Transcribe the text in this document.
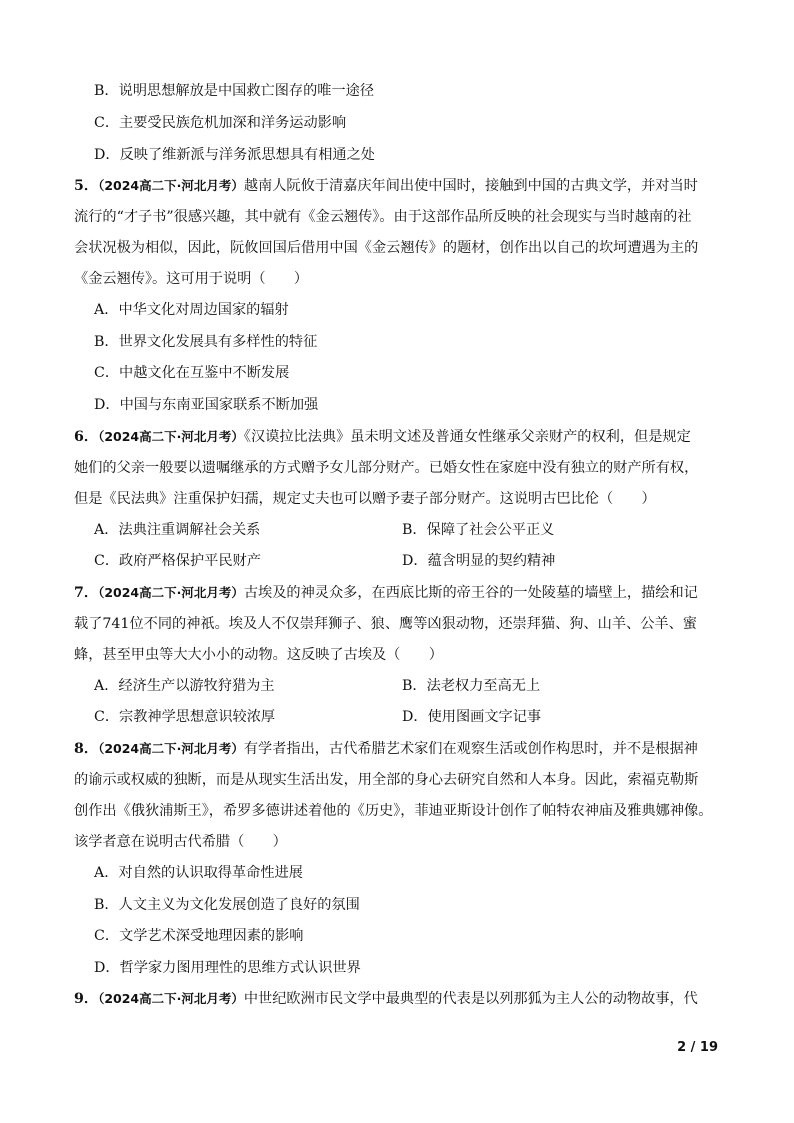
B．说明思想解放是中国救亡图存的唯一途径
C．主要受民族危机加深和洋务运动影响
D．反映了维新派与洋务派思想具有相通之处
5．（2024高二下·河北月考）越南人阮攸于清嘉庆年间出使中国时，接触到中国的古典文学，并对当时
流行的“才子书”很感兴趣，其中就有《金云翘传》。由于这部作品所反映的社会现实与当时越南的社
会状况极为相似，因此，阮攸回国后借用中国《金云翘传》的题材，创作出以自己的坎坷遭遇为主的
《金云翘传》。这可用于说明（　　）
A．中华文化对周边国家的辐射
B．世界文化发展具有多样性的特征
C．中越文化在互鉴中不断发展
D．中国与东南亚国家联系不断加强
6．（2024高二下·河北月考）《汉谟拉比法典》虽未明文述及普通女性继承父亲财产的权利，但是规定
她们的父亲一般要以遗嘱继承的方式赠予女儿部分财产。已婚女性在家庭中没有独立的财产所有权，
但是《民法典》注重保护妇孺，规定丈夫也可以赠予妻子部分财产。这说明古巴比伦（　　）
A．法典注重调解社会关系	B．保障了社会公平正义
C．政府严格保护平民财产	D．蕴含明显的契约精神
7．（2024高二下·河北月考）古埃及的神灵众多，在西底比斯的帝王谷的一处陵墓的墙壁上，描绘和记
载了741位不同的神祇。埃及人不仅崇拜狮子、狼、鹰等凶狠动物，还崇拜猫、狗、山羊、公羊、蜜
蜂，甚至甲虫等大大小小的动物。这反映了古埃及（　　）
A．经济生产以游牧狩猎为主	B．法老权力至高无上
C．宗教神学思想意识较浓厚	D．使用图画文字记事
8．（2024高二下·河北月考）有学者指出，古代希腊艺术家们在观察生活或创作构思时，并不是根据神
的谕示或权威的独断，而是从现实生活出发，用全部的身心去研究自然和人本身。因此，索福克勒斯
创作出《俄狄浦斯王》，希罗多德讲述着他的《历史》，菲迪亚斯设计创作了帕特农神庙及雅典娜神像。
该学者意在说明古代希腊（　　）
A．对自然的认识取得革命性进展
B．人文主义为文化发展创造了良好的氛围
C．文学艺术深受地理因素的影响
D．哲学家力图用理性的思维方式认识世界
9．（2024高二下·河北月考）中世纪欧洲市民文学中最典型的代表是以列那狐为主人公的动物故事，代
2 / 19
